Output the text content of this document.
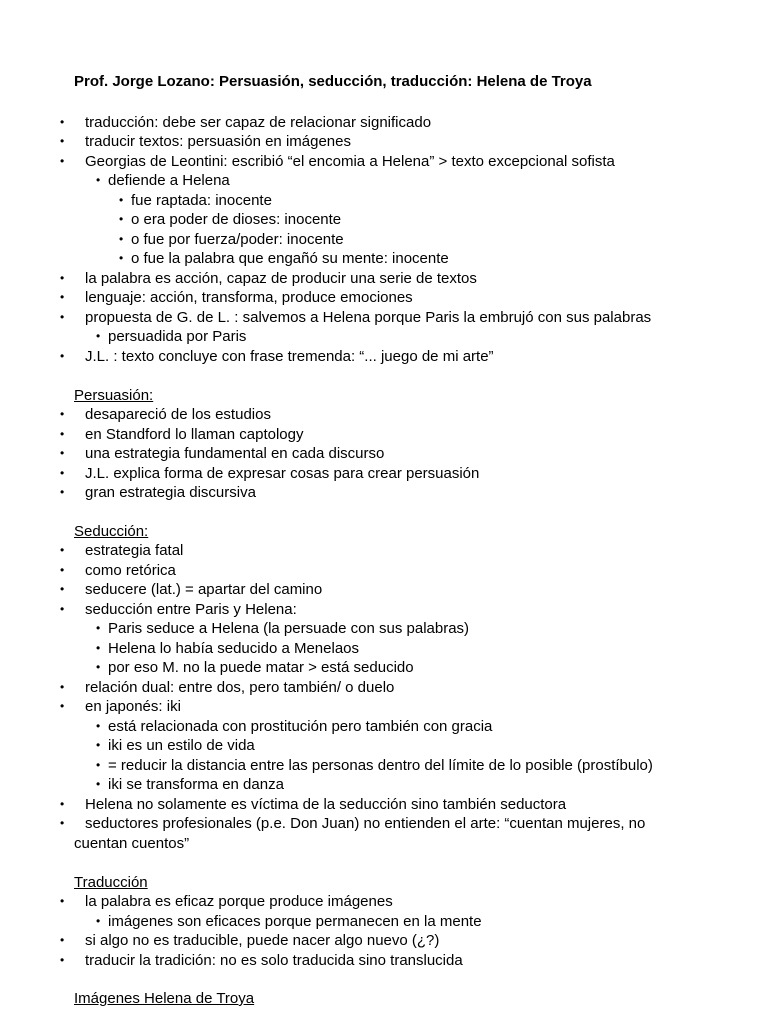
Prof. Jorge Lozano: Persuasión, seducción, traducción: Helena de Troya
• traducción: debe ser capaz de relacionar significado
• traducir textos: persuasión en imágenes
• Georgias de Leontini: escribió “el encomia a Helena” > texto excepcional sofista
• defiende a Helena
• fue raptada: inocente
• o era poder de dioses: inocente
• o fue por fuerza/poder: inocente
• o fue la palabra que engañó su mente: inocente
• la palabra es acción, capaz de producir una serie de textos
• lenguaje: acción, transforma, produce emociones
• propuesta de G. de L. : salvemos a Helena porque Paris la embrujó con sus palabras
• persuadida por Paris
• J.L. : texto concluye con frase tremenda: “... juego de mi arte”
Persuasión:
• desapareció de los estudios
• en Standford lo llaman captology
• una estrategia fundamental en cada discurso
• J.L. explica forma de expresar cosas para crear persuasión
• gran estrategia discursiva
Seducción:
• estrategia fatal
• como retórica
• seducere (lat.) = apartar del camino
• seducción entre Paris y Helena:
• Paris seduce a Helena (la persuade con sus palabras)
• Helena lo había seducido a Menelaos
• por eso M. no la puede matar > está seducido
• relación dual: entre dos, pero también/ o duelo
• en japonés: iki
• está relacionada con prostitución pero también con gracia
• iki es un estilo de vida
• = reducir la distancia entre las personas dentro del límite de lo posible (prostíbulo)
• iki se transforma en danza
• Helena no solamente es víctima de la seducción sino también seductora
• seductores profesionales (p.e. Don Juan) no entienden el arte: “cuentan mujeres, no
cuentan cuentos”
Traducción
• la palabra es eficaz porque produce imágenes
• imágenes son eficaces porque permanecen en la mente
• si algo no es traducible, puede nacer algo nuevo (¿?)
• traducir la tradición: no es solo traducida sino translucida
Imágenes Helena de Troya
